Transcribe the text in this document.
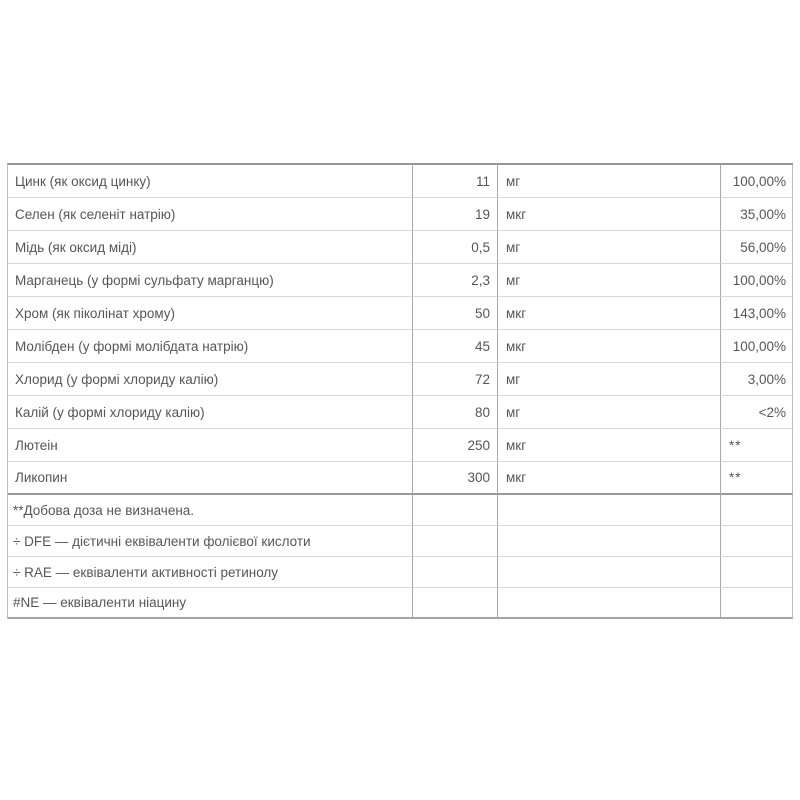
Цинк (як оксид цинку)	11	мг	100,00%
Селен (як селеніт натрію)	19	мкг	35,00%
Мідь (як оксид міді)	0,5	мг	56,00%
Марганець (у формі сульфату марганцю)	2,3	мг	100,00%
Хром (як піколінат хрому)	50	мкг	143,00%
Молібден (у формі молібдата натрію)	45	мкг	100,00%
Хлорид (у формі хлориду калію)	72	мг	3,00%
Калій (у формі хлориду калію)	80	мг	<2%
Лютеін	250	мкг	**
Ликопин	300	мкг	**
**Добова доза не визначена.			
÷ DFE — дієтичні еквіваленти фолієвої кислоти			
÷ RAE — еквіваленти активності ретинолу			
#NE — еквіваленти ніацину			
